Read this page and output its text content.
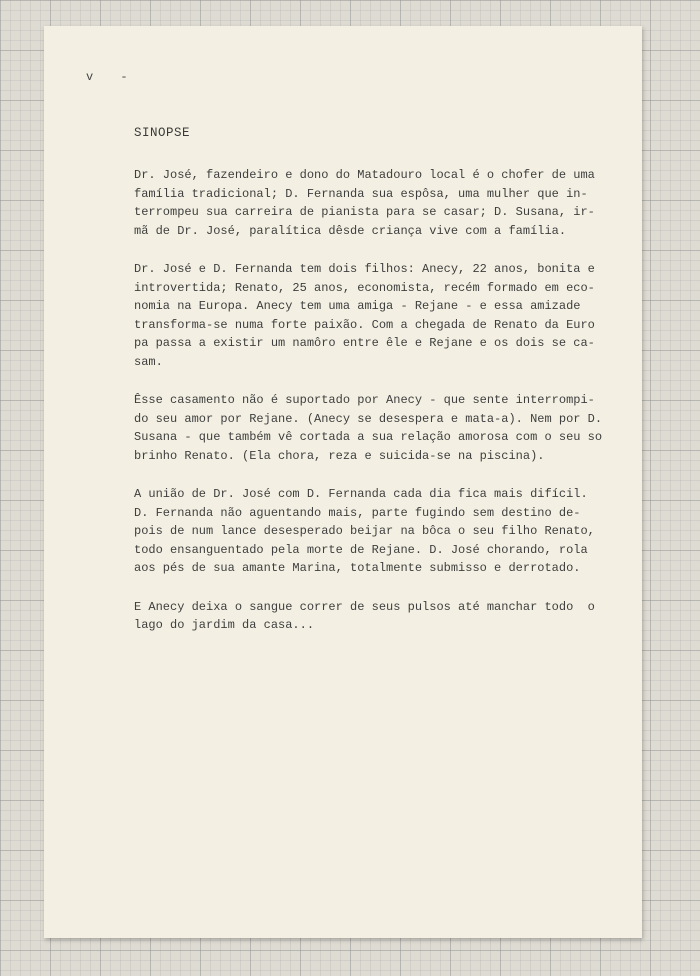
v -
SINOPSE

Dr. José, fazendeiro e dono do Matadouro local é o chofer de uma
família tradicional; D. Fernanda sua espôsa, uma mulher que in-
terrompeu sua carreira de pianista para se casar; D. Susana, ir-
mã de Dr. José, paralítica dêsde criança vive com a família.

Dr. José e D. Fernanda tem dois filhos: Anecy, 22 anos, bonita e
introvertida; Renato, 25 anos, economista, recém formado em eco-
nomia na Europa. Anecy tem uma amiga - Rejane - e essa amizade
transforma-se numa forte paixão. Com a chegada de Renato da Euro
pa passa a existir um namôro entre êle e Rejane e os dois se ca-
sam.

Êsse casamento não é suportado por Anecy - que sente interrompi-
do seu amor por Rejane. (Anecy se desespera e mata-a). Nem por D.
Susana - que também vê cortada a sua relação amorosa com o seu so
brinho Renato. (Ela chora, reza e suicida-se na piscina).

A união de Dr. José com D. Fernanda cada dia fica mais difícil.
D. Fernanda não aguentando mais, parte fugindo sem destino de-
pois de num lance desesperado beijar na bôca o seu filho Renato,
todo ensanguentado pela morte de Rejane. D. José chorando, rola
aos pés de sua amante Marina, totalmente submisso e derrotado.

E Anecy deixa o sangue correr de seus pulsos até manchar todo  o
lago do jardim da casa...
